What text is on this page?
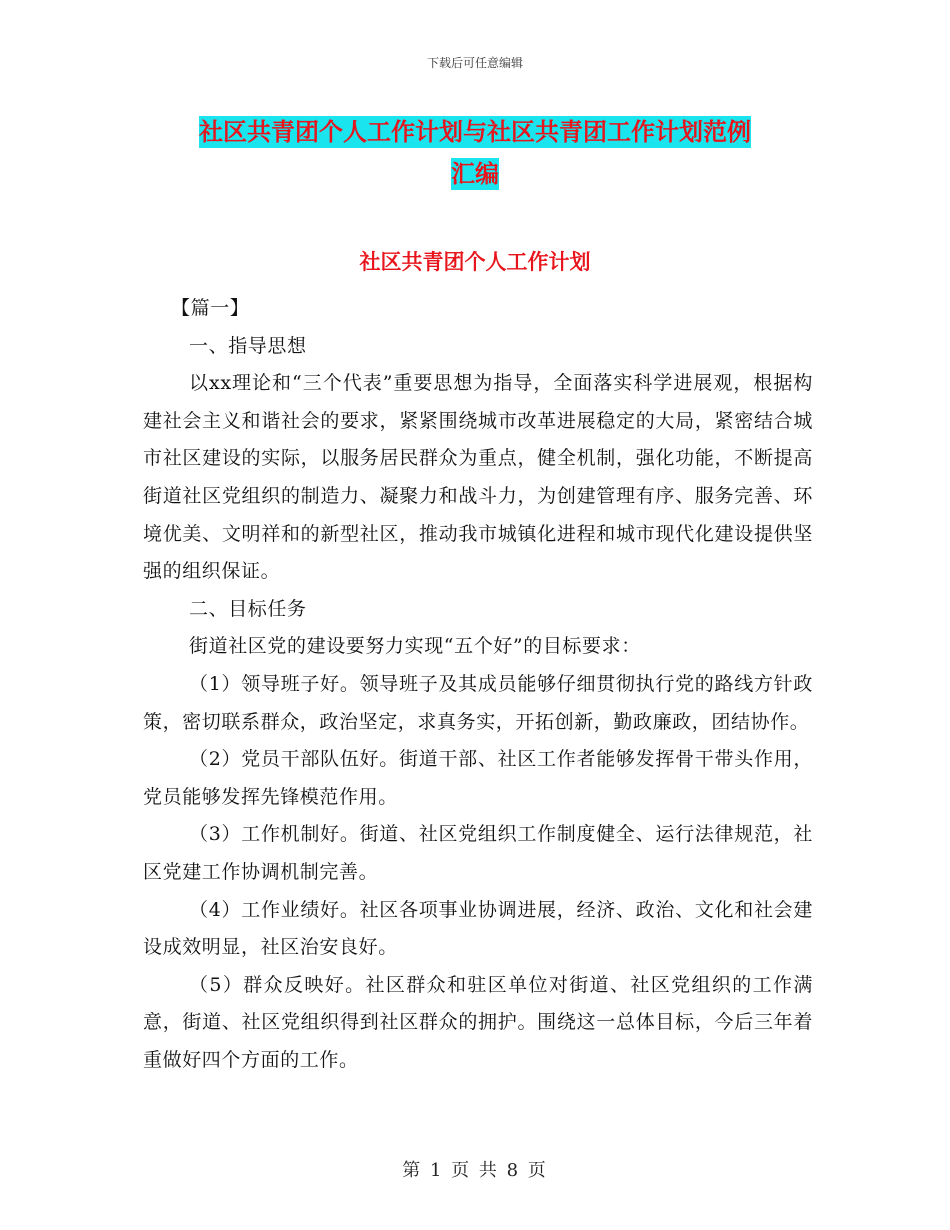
下载后可任意编辑
社区共青团个人工作计划与社区共青团工作计划范例
汇编
社区共青团个人工作计划

【篇一】

一、指导思想

以xx理论和“三个代表”重要思想为指导，全面落实科学进展观，根据构建社会主义和谐社会的要求，紧紧围绕城市改革进展稳定的大局，紧密结合城市社区建设的实际，以服务居民群众为重点，健全机制，强化功能，不断提高街道社区党组织的制造力、凝聚力和战斗力，为创建管理有序、服务完善、环境优美、文明祥和的新型社区，推动我市城镇化进程和城市现代化建设提供坚强的组织保证。

二、目标任务

街道社区党的建设要努力实现“五个好”的目标要求：

（1）领导班子好。领导班子及其成员能够仔细贯彻执行党的路线方针政策，密切联系群众，政治坚定，求真务实，开拓创新，勤政廉政，团结协作。

（2）党员干部队伍好。街道干部、社区工作者能够发挥骨干带头作用，党员能够发挥先锋模范作用。

（3）工作机制好。街道、社区党组织工作制度健全、运行法律规范，社区党建工作协调机制完善。

（4）工作业绩好。社区各项事业协调进展，经济、政治、文化和社会建设成效明显，社区治安良好。

（5）群众反映好。社区群众和驻区单位对街道、社区党组织的工作满意，街道、社区党组织得到社区群众的拥护。围绕这一总体目标，今后三年着重做好四个方面的工作。

第 1 页 共 8 页
